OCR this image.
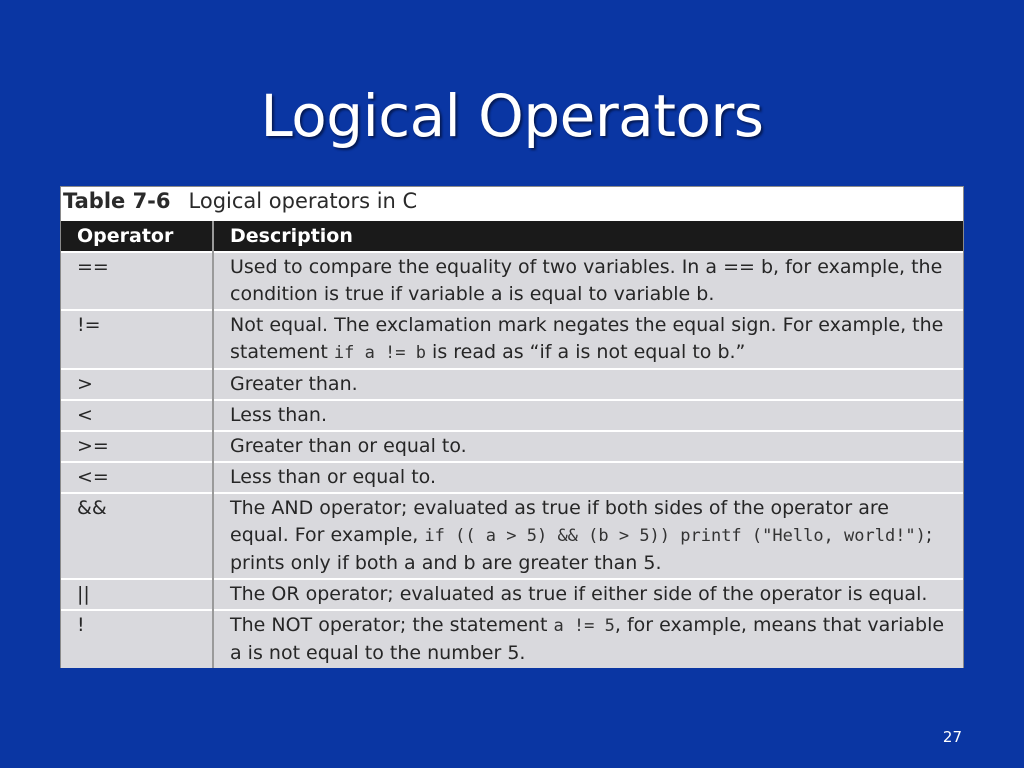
Logical Operators
Table 7-6 Logical operators in C
Operator	Description
==	Used to compare the equality of two variables. In a == b, for example, the condition is true if variable a is equal to variable b.
!=	Not equal. The exclamation mark negates the equal sign. For example, the statement if a != b is read as “if a is not equal to b.”
>	Greater than.
<	Less than.
>=	Greater than or equal to.
<=	Less than or equal to.
&&	The AND operator; evaluated as true if both sides of the operator are equal. For example, if (( a > 5) && (b > 5)) printf ("Hello, world!"); prints only if both a and b are greater than 5.
||	The OR operator; evaluated as true if either side of the operator is equal.
!	The NOT operator; the statement a != 5, for example, means that variable a is not equal to the number 5.
27
